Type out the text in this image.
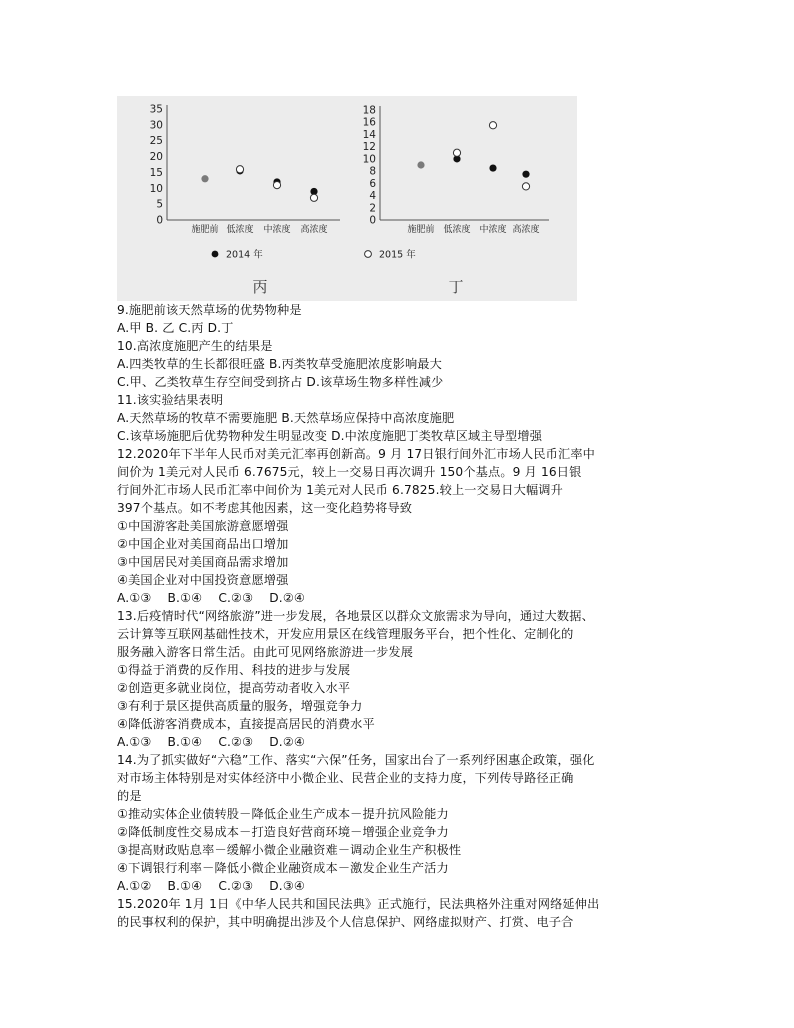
0
5
10
15
20
25
30
35
施肥前 低浓度 中浓度 高浓度
2014 年
丙
0
2
4
6
8
10
12
14
16
18
施肥前 低浓度 中浓度 高浓度
2015 年
丁
9.施肥前该天然草场的优势物种是
A.甲 B. 乙 C.丙 D.丁
10.高浓度施肥产生的结果是
A.四类牧草的生长都很旺盛 B.丙类牧草受施肥浓度影响最大
C.甲、乙类牧草生存空间受到挤占 D.该草场生物多样性减少
11.该实验结果表明
A.天然草场的牧草不需要施肥 B.天然草场应保持中高浓度施肥
C.该草场施肥后优势物种发生明显改变 D.中浓度施肥丁类牧草区域主导型增强
12.2020年下半年人民币对美元汇率再创新高。9 月 17日银行间外汇市场人民币汇率中
间价为 1美元对人民币 6.7675元，较上一交易日再次调升 150个基点。9 月 16日银
行间外汇市场人民币汇率中间价为 1美元对人民币 6.7825.较上一交易日大幅调升
397个基点。如不考虑其他因素，这一变化趋势将导致
①中国游客赴美国旅游意愿增强
②中国企业对美国商品出口增加
③中国居民对美国商品需求增加
④美国企业对中国投资意愿增强
A.①③    B.①④    C.②③    D.②④
13.后疫情时代“网络旅游”进一步发展，各地景区以群众文旅需求为导向，通过大数据、
云计算等互联网基础性技术，开发应用景区在线管理服务平台，把个性化、定制化的
服务融入游客日常生活。由此可见网络旅游进一步发展
①得益于消费的反作用、科技的进步与发展
②创造更多就业岗位，提高劳动者收入水平
③有利于景区提供高质量的服务，增强竞争力
④降低游客消费成本，直接提高居民的消费水平
A.①③    B.①④    C.②③    D.②④
14.为了抓实做好“六稳”工作、落实“六保”任务，国家出台了一系列纾困惠企政策，强化
对市场主体特别是对实体经济中小微企业、民营企业的支持力度，下列传导路径正确
的是
①推动实体企业债转股－降低企业生产成本－提升抗风险能力
②降低制度性交易成本－打造良好营商环境－增强企业竞争力
③提高财政贴息率－缓解小微企业融资难－调动企业生产积极性
④下调银行利率－降低小微企业融资成本－激发企业生产活力
A.①②    B.①④    C.②③    D.③④
15.2020年 1月 1日《中华人民共和国民法典》正式施行，民法典格外注重对网络延伸出
的民事权利的保护，其中明确提出涉及个人信息保护、网络虚拟财产、打赏、电子合
